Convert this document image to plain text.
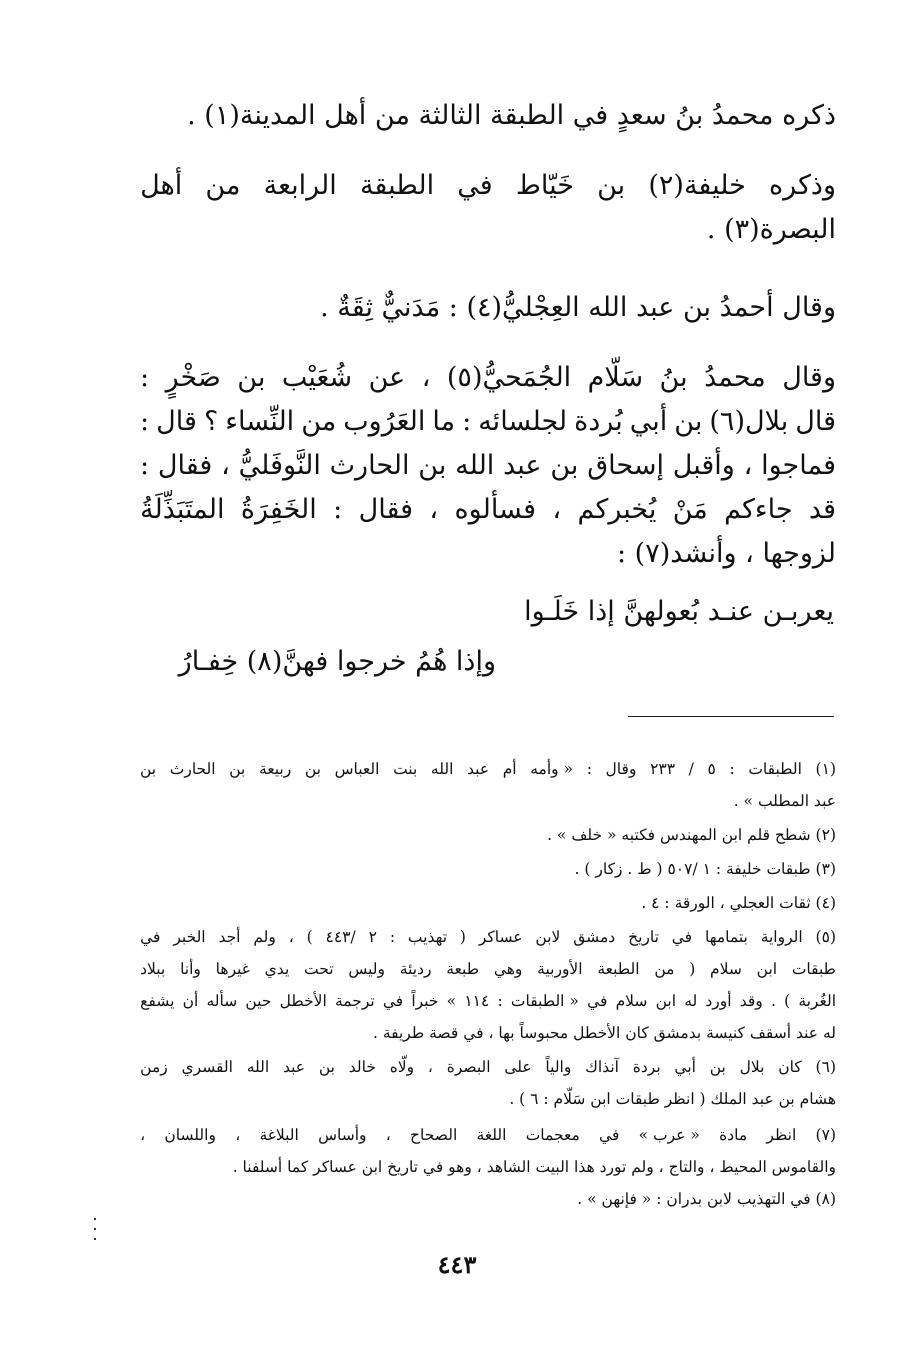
ذكره محمدُ بنُ سعدٍ في الطبقة الثالثة من أهل المدينة(١) .
وذكره
خليفة(٢)
بن
خَيّاط
في
الطبقة
الرابعة
من
أهل
البصرة(٣) .
وقال أحمدُ بن عبد الله العِجْليُّ(٤) : مَدَنيٌّ ثِقَةٌ .
وقال
محمدُ
بنُ
سَلّام
الجُمَحيُّ(٥)
،
عن
شُعَيْب
بن
صَخْرٍ
:
قال
بلال(٦)
بن
أبي
بُردة
لجلسائه
:
ما
العَرُوب
من
النِّساء
؟
قال
:
فماجوا
،
وأقبل
إسحاق
بن
عبد
الله
بن
الحارث
النَّوفَليُّ
،
فقال
:
قد
جاءكم
مَنْ
يُخبركم
،
فسألوه
،
فقال
:
الخَفِرَةُ
المتَبَذِّلَةُ
لزوجها ، وأنشد(٧) :
يعربـن عنـد بُعولهنَّ إذا خَلَـوا
وإذا هُمُ خرجوا فهنَّ(٨) خِفـارُ
(١)
الطبقات
:
٥
/
٢٣٣
وقال
:
« وأمه
أم
عبد
الله
بنت
العباس
بن
ربيعة
بن
الحارث
بن
عبد المطلب » .
(٢) شطح قلم ابن المهندس فكتبه « خلف » .
(٣) طبقات خليفة : ١ /٥٠٧ ( ط . زكار ) .
(٤) ثقات العجلي ، الورقة : ٤ .
(٥)
الرواية
بتمامها
في
تاريخ
دمشق
لابن
عساكر
(
تهذيب
:
٢
/٤٤٣
)
،
ولم
أجد
الخبر
في
طبقات
ابن
سلام
(
من
الطبعة
الأوربية
وهي
طبعة
رديئة
وليس
تحت
يدي
غيرها
وأنا
ببلاد
الغُربة
)
.
وقد
أورد
له
ابن
سلام
في
« الطبقات
:
١١٤
»
خبراً
في
ترجمة
الأخطل
حين
سأله
أن
يشفع
له عند أسقف كنيسة بدمشق كان الأخطل محبوساً بها ، في قصة طريفة .
(٦)
كان
بلال
بن
أبي
بردة
آنذاك
والياً
على
البصرة
،
ولّاه
خالد
بن
عبد
الله
القسري
زمن
هشام بن عبد الملك ( انظر طبقات ابن سَلّام : ٦ ) .
(٧)
انظر
مادة
« عرب »
في
معجمات
اللغة
الصحاح
،
وأساس
البلاغة
،
واللسان
،
والقاموس المحيط ، والتاج ، ولم تورد هذا البيت الشاهد ، وهو في تاريخ ابن عساكر كما أسلفنا .
(٨) في التهذيب لابن بدران : « فإنهن » .
٤٤٣
